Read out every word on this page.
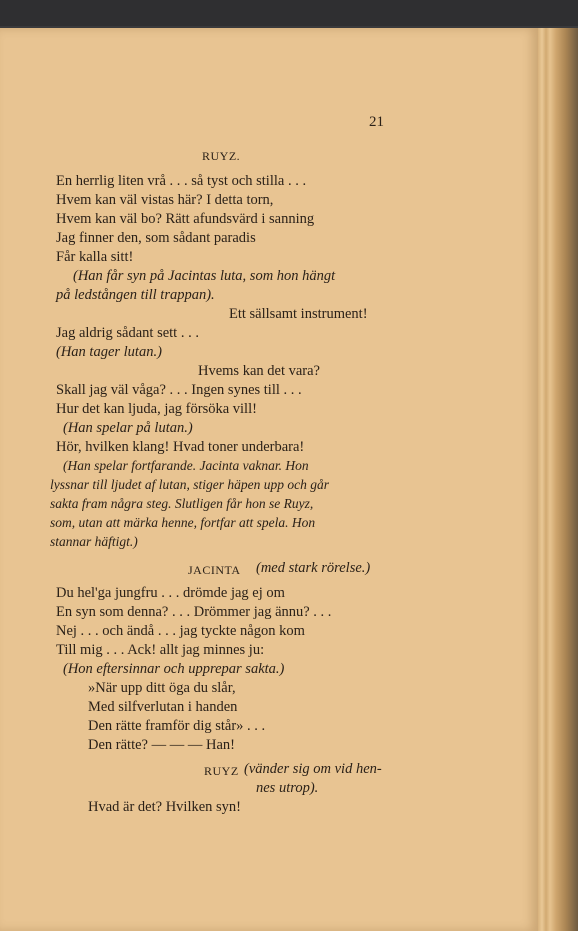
21
RUYZ.
En herrlig liten vrå . . . så tyst och stilla . . .
Hvem kan väl vistas här? I detta torn,
Hvem kan väl bo? Rätt afundsvärd i sanning
Jag finner den, som sådant paradis
Får kalla sitt!
(Han får syn på Jacintas luta, som hon hängt
på ledstången till trappan).
Ett sällsamt instrument!
Jag aldrig sådant sett . . .
(Han tager lutan.)
Hvems kan det vara?
Skall jag väl våga? . . . Ingen synes till . . .
Hur det kan ljuda, jag försöka vill!
(Han spelar på lutan.)
Hör, hvilken klang! Hvad toner underbara!
(Han spelar fortfarande. Jacinta vaknar. Hon
lyssnar till ljudet af lutan, stiger häpen upp och går
sakta fram några steg. Slutligen får hon se Ruyz,
som, utan att märka henne, fortfar att spela. Hon
stannar häftigt.)
JACINTA (med stark rörelse.)
Du hel'ga jungfru . . . drömde jag ej om
En syn som denna? . . . Drömmer jag ännu? . . .
Nej . . . och ändå . . . jag tyckte någon kom
Till mig . . . Ack! allt jag minnes ju:
(Hon eftersinnar och upprepar sakta.)
»När upp ditt öga du slår,
Med silfverlutan i handen
Den rätte framför dig står» . . .
Den rätte? — — — Han!
RUYZ (vänder sig om vid hen-
nes utrop).
Hvad är det? Hvilken syn!
